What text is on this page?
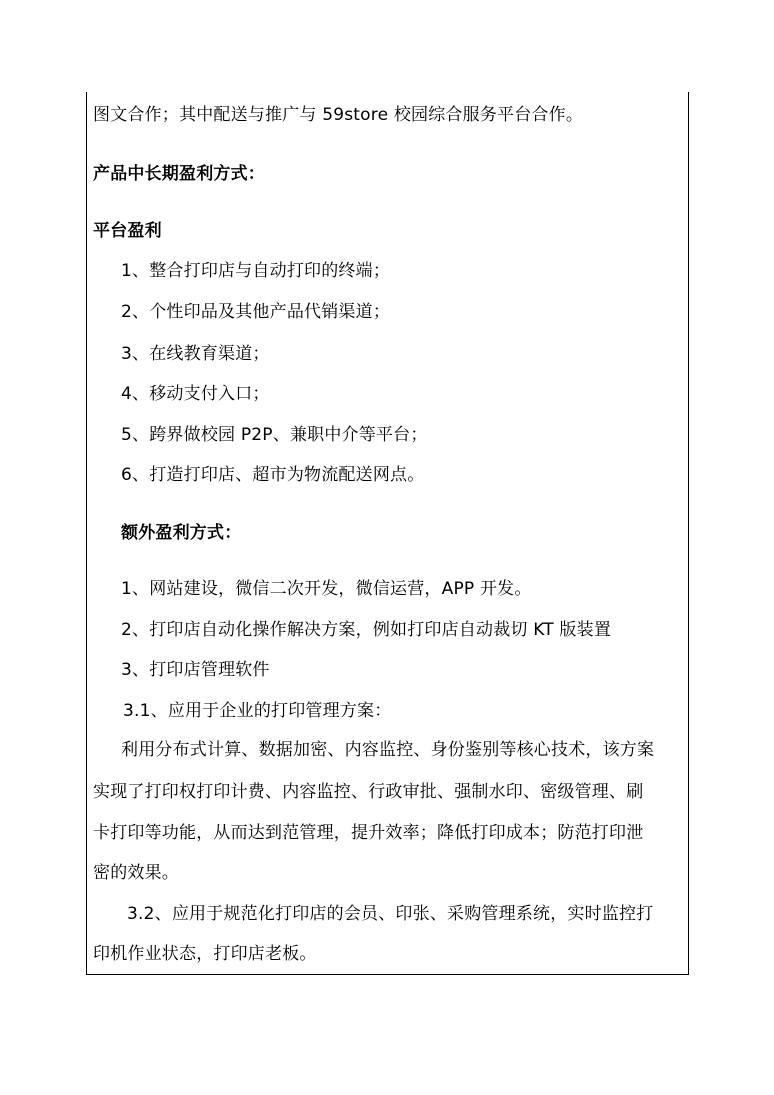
图文合作；其中配送与推广与 59store 校园综合服务平台合作。
产品中长期盈利方式：
平台盈利
1、整合打印店与自动打印的终端；
2、个性印品及其他产品代销渠道；
3、在线教育渠道；
4、移动支付入口；
5、跨界做校园 P2P、兼职中介等平台；
6、打造打印店、超市为物流配送网点。
额外盈利方式：
1、网站建设，微信二次开发，微信运营，APP 开发。
2、打印店自动化操作解决方案，例如打印店自动裁切 KT 版装置
3、打印店管理软件
3.1、应用于企业的打印管理方案：
利用分布式计算、数据加密、内容监控、身份鉴别等核心技术，该方案
实现了打印权打印计费、内容监控、行政审批、强制水印、密级管理、刷
卡打印等功能，从而达到范管理，提升效率；降低打印成本；防范打印泄
密的效果。
3.2、应用于规范化打印店的会员、印张、采购管理系统，实时监控打
印机作业状态，打印店老板。
